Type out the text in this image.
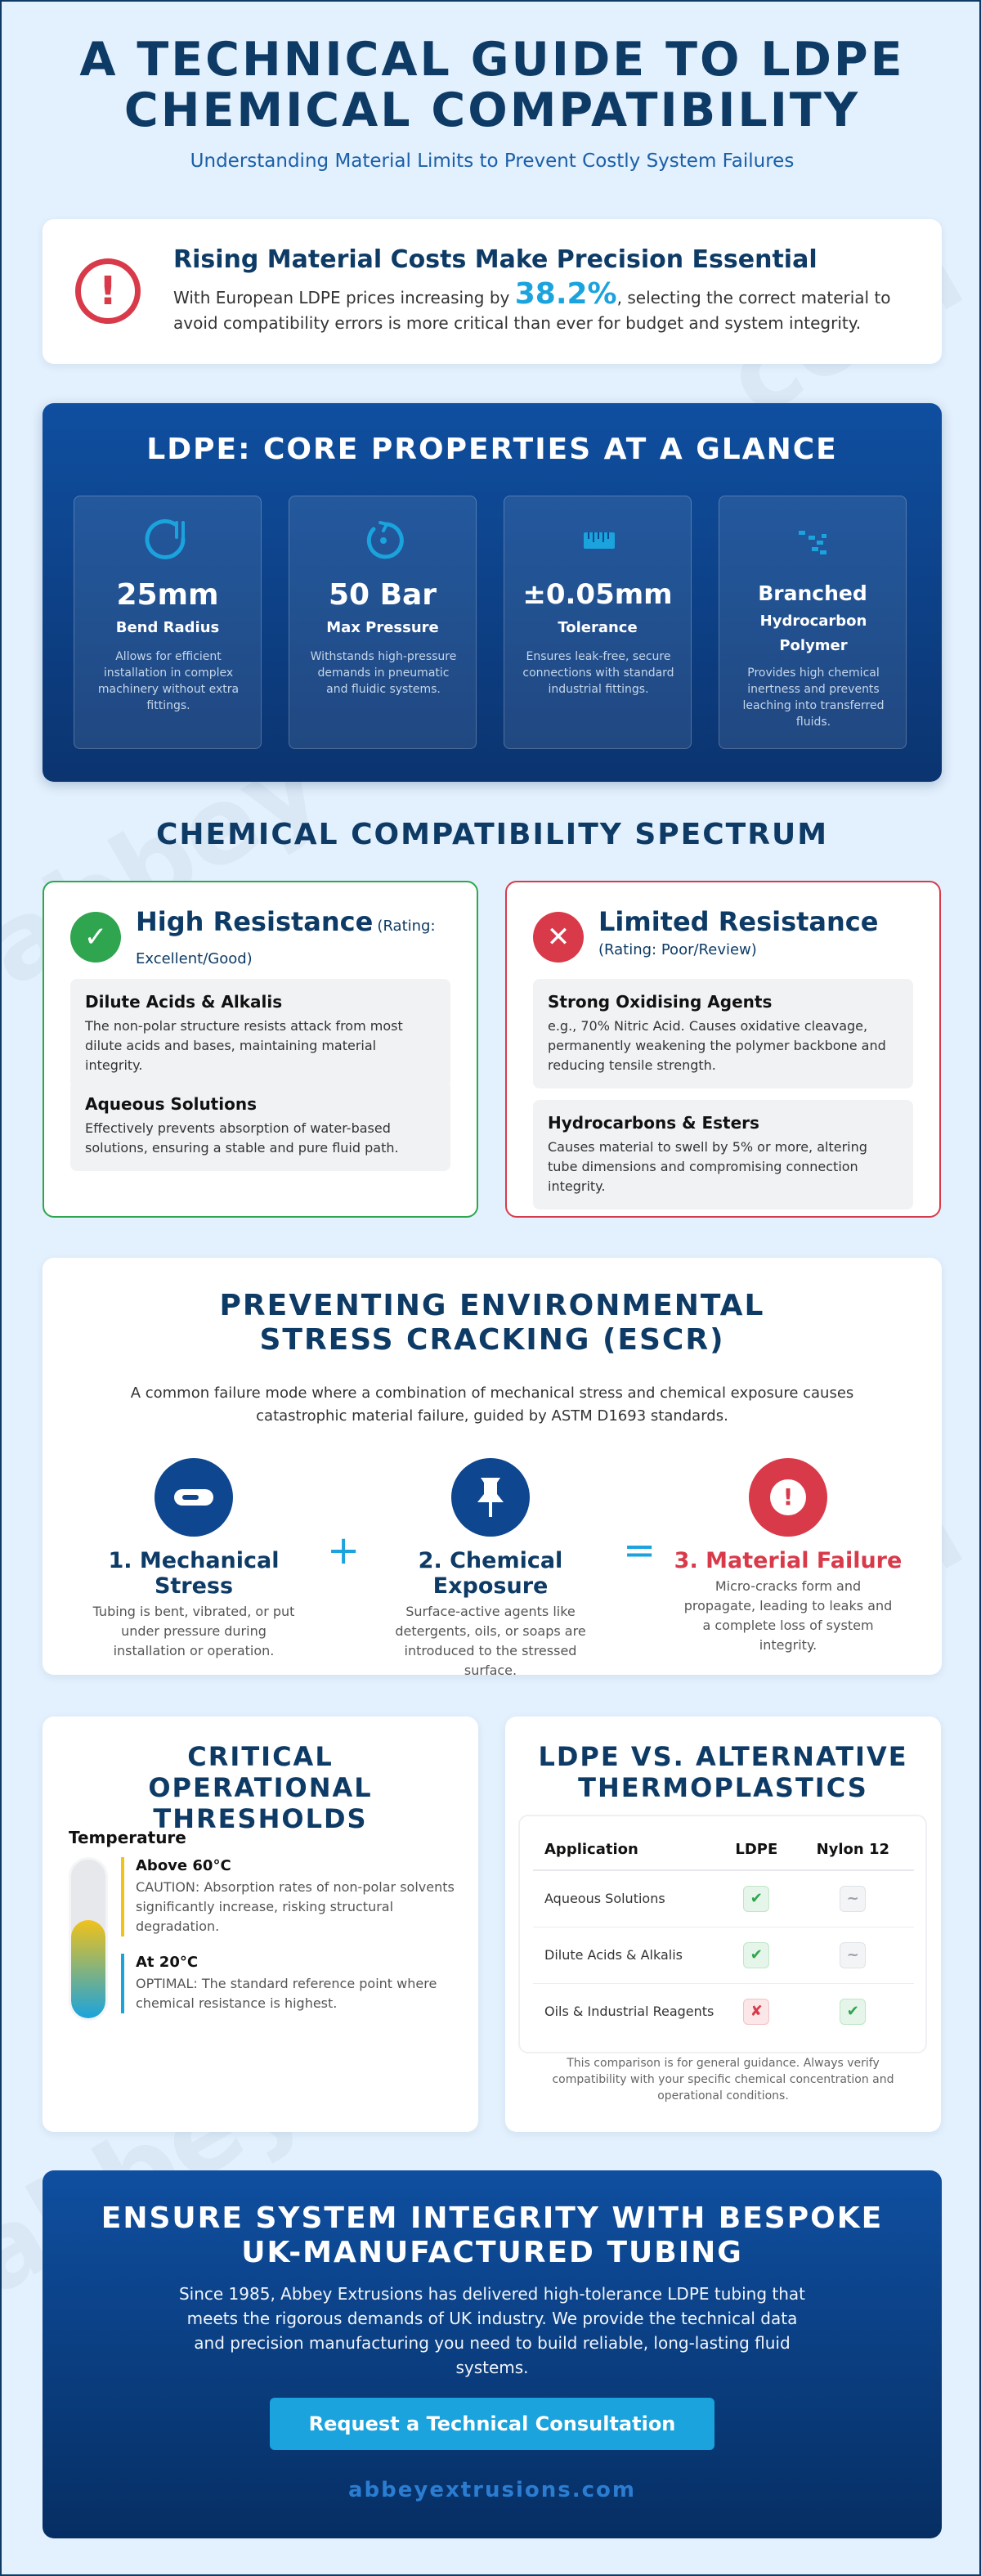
A TECHNICAL GUIDE TO LDPE CHEMICAL COMPATIBILITY
Understanding Material Limits to Prevent Costly System Failures
!
Rising Material Costs Make Precision Essential
With European LDPE prices increasing by 38.2%, selecting the correct material to avoid compatibility errors is more critical than ever for budget and system integrity.
LDPE: CORE PROPERTIES AT A GLANCE
25mm
Bend Radius
Allows for efficient installation in complex machinery without extra fittings.
50 Bar
Max Pressure
Withstands high-pressure demands in pneumatic and fluidic systems.
±0.05mm
Tolerance
Ensures leak-free, secure connections with standard industrial fittings.
Branched
Hydrocarbon Polymer
Provides high chemical inertness and prevents leaching into transferred fluids.
CHEMICAL COMPATIBILITY SPECTRUM
✓	High Resistance (Rating: Excellent/Good)
Dilute Acids & Alkalis
The non-polar structure resists attack from most dilute acids and bases, maintaining material integrity.
Aqueous Solutions
Effectively prevents absorption of water-based solutions, ensuring a stable and pure fluid path.
✕	Limited Resistance
(Rating: Poor/Review)
Strong Oxidising Agents
e.g., 70% Nitric Acid. Causes oxidative cleavage, permanently weakening the polymer backbone and reducing tensile strength.
Hydrocarbons & Esters
Causes material to swell by 5% or more, altering tube dimensions and compromising connection integrity.
PREVENTING ENVIRONMENTAL STRESS CRACKING (ESCR)
A common failure mode where a combination of mechanical stress and chemical exposure causes catastrophic material failure, guided by ASTM D1693 standards.
1. Mechanical Stress
Tubing is bent, vibrated, or put under pressure during installation or operation.
+	2. Chemical Exposure
Surface-active agents like detergents, oils, or soaps are introduced to the stressed surface.
=
!
3. Material Failure
Micro-cracks form and propagate, leading to leaks and a complete loss of system integrity.
CRITICAL OPERATIONAL THRESHOLDS
Temperature
Above 60°C
CAUTION: Absorption rates of non-polar solvents significantly increase, risking structural degradation.
At 20°C
OPTIMAL: The standard reference point where chemical resistance is highest.
LDPE VS. ALTERNATIVE THERMOPLASTICS
Application	LDPE	Nylon 12
Aqueous Solutions	✔	~
Dilute Acids & Alkalis	✔	~
Oils & Industrial Reagents	✘	✔
This comparison is for general guidance. Always verify compatibility with your specific chemical concentration and operational conditions.
ENSURE SYSTEM INTEGRITY WITH BESPOKE UK-MANUFACTURED TUBING
Since 1985, Abbey Extrusions has delivered high-tolerance LDPE tubing that meets the rigorous demands of UK industry. We provide the technical data and precision manufacturing you need to build reliable, long-lasting fluid systems.
Request a Technical Consultation
abbeyextrusions.com
